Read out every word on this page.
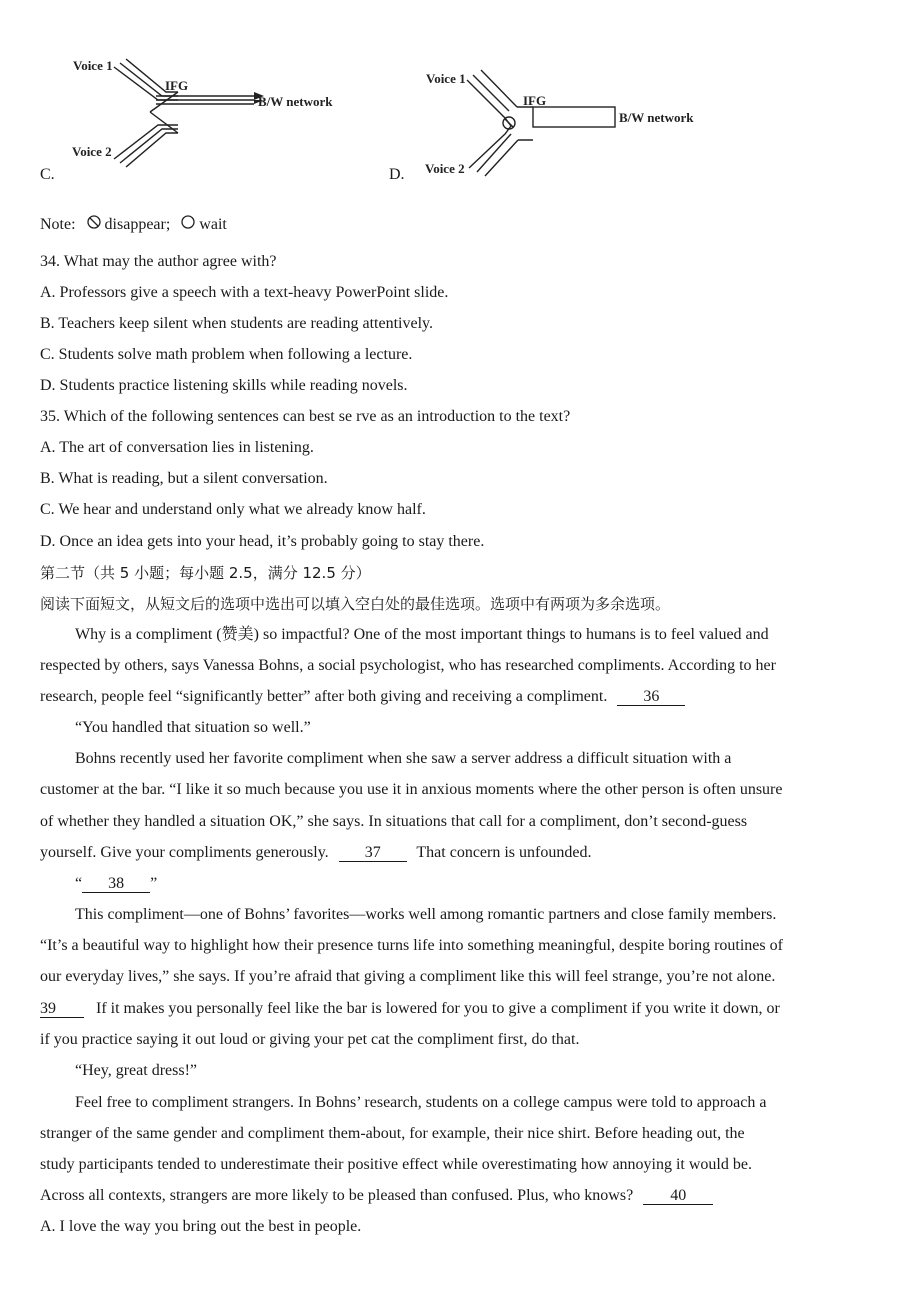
Voice 1
IFG
B/W network
Voice 2
C.
Voice 1
IFG
B/W network
Voice 2
D.
Note: disappear; wait
34. What may the author agree with?
A. Professors give a speech with a text-heavy PowerPoint slide.
B. Teachers keep silent when students are reading attentively.
C. Students solve math problem when following a lecture.
D. Students practice listening skills while reading novels.
35. Which of the following sentences can best se rve as an introduction to the text?
A. The art of conversation lies in listening.
B. What is reading, but a silent conversation.
C. We hear and understand only what we already know half.
D. Once an idea gets into your head, it’s probably going to stay there.
第二节（共 5 小题；每小题 2.5，满分 12.5 分）
阅读下面短文，从短文后的选项中选出可以填入空白处的最佳选项。选项中有两项为多余选项。
Why is a compliment (赞美) so impactful? One of the most important things to humans is to feel valued and
respected by others, says Vanessa Bohns, a social psychologist, who has researched compliments. According to her
research, people feel “significantly better” after both giving and receiving a compliment. 36
“You handled that situation so well.”
Bohns recently used her favorite compliment when she saw a server address a difficult situation with a
customer at the bar. “I like it so much because you use it in anxious moments where the other person is often unsure
of whether they handled a situation OK,” she says. In situations that call for a compliment, don’t second-guess
yourself. Give your compliments generously. 37 That concern is unfounded.
“ 38 ”
This compliment—one of Bohns’ favorites—works well among romantic partners and close family members.
“It’s a beautiful way to highlight how their presence turns life into something meaningful, despite boring routines of
our everyday lives,” she says. If you’re afraid that giving a compliment like this will feel strange, you’re not alone.
39	If it makes you personally feel like the bar is lowered for you to give a compliment if you write it down, or
if you practice saying it out loud or giving your pet cat the compliment first, do that.
“Hey, great dress!”
Feel free to compliment strangers. In Bohns’ research, students on a college campus were told to approach a
stranger of the same gender and compliment them-about, for example, their nice shirt. Before heading out, the
study participants tended to underestimate their positive effect while overestimating how annoying it would be.
Across all contexts, strangers are more likely to be pleased than confused. Plus, who knows? 40
A. I love the way you bring out the best in people.
